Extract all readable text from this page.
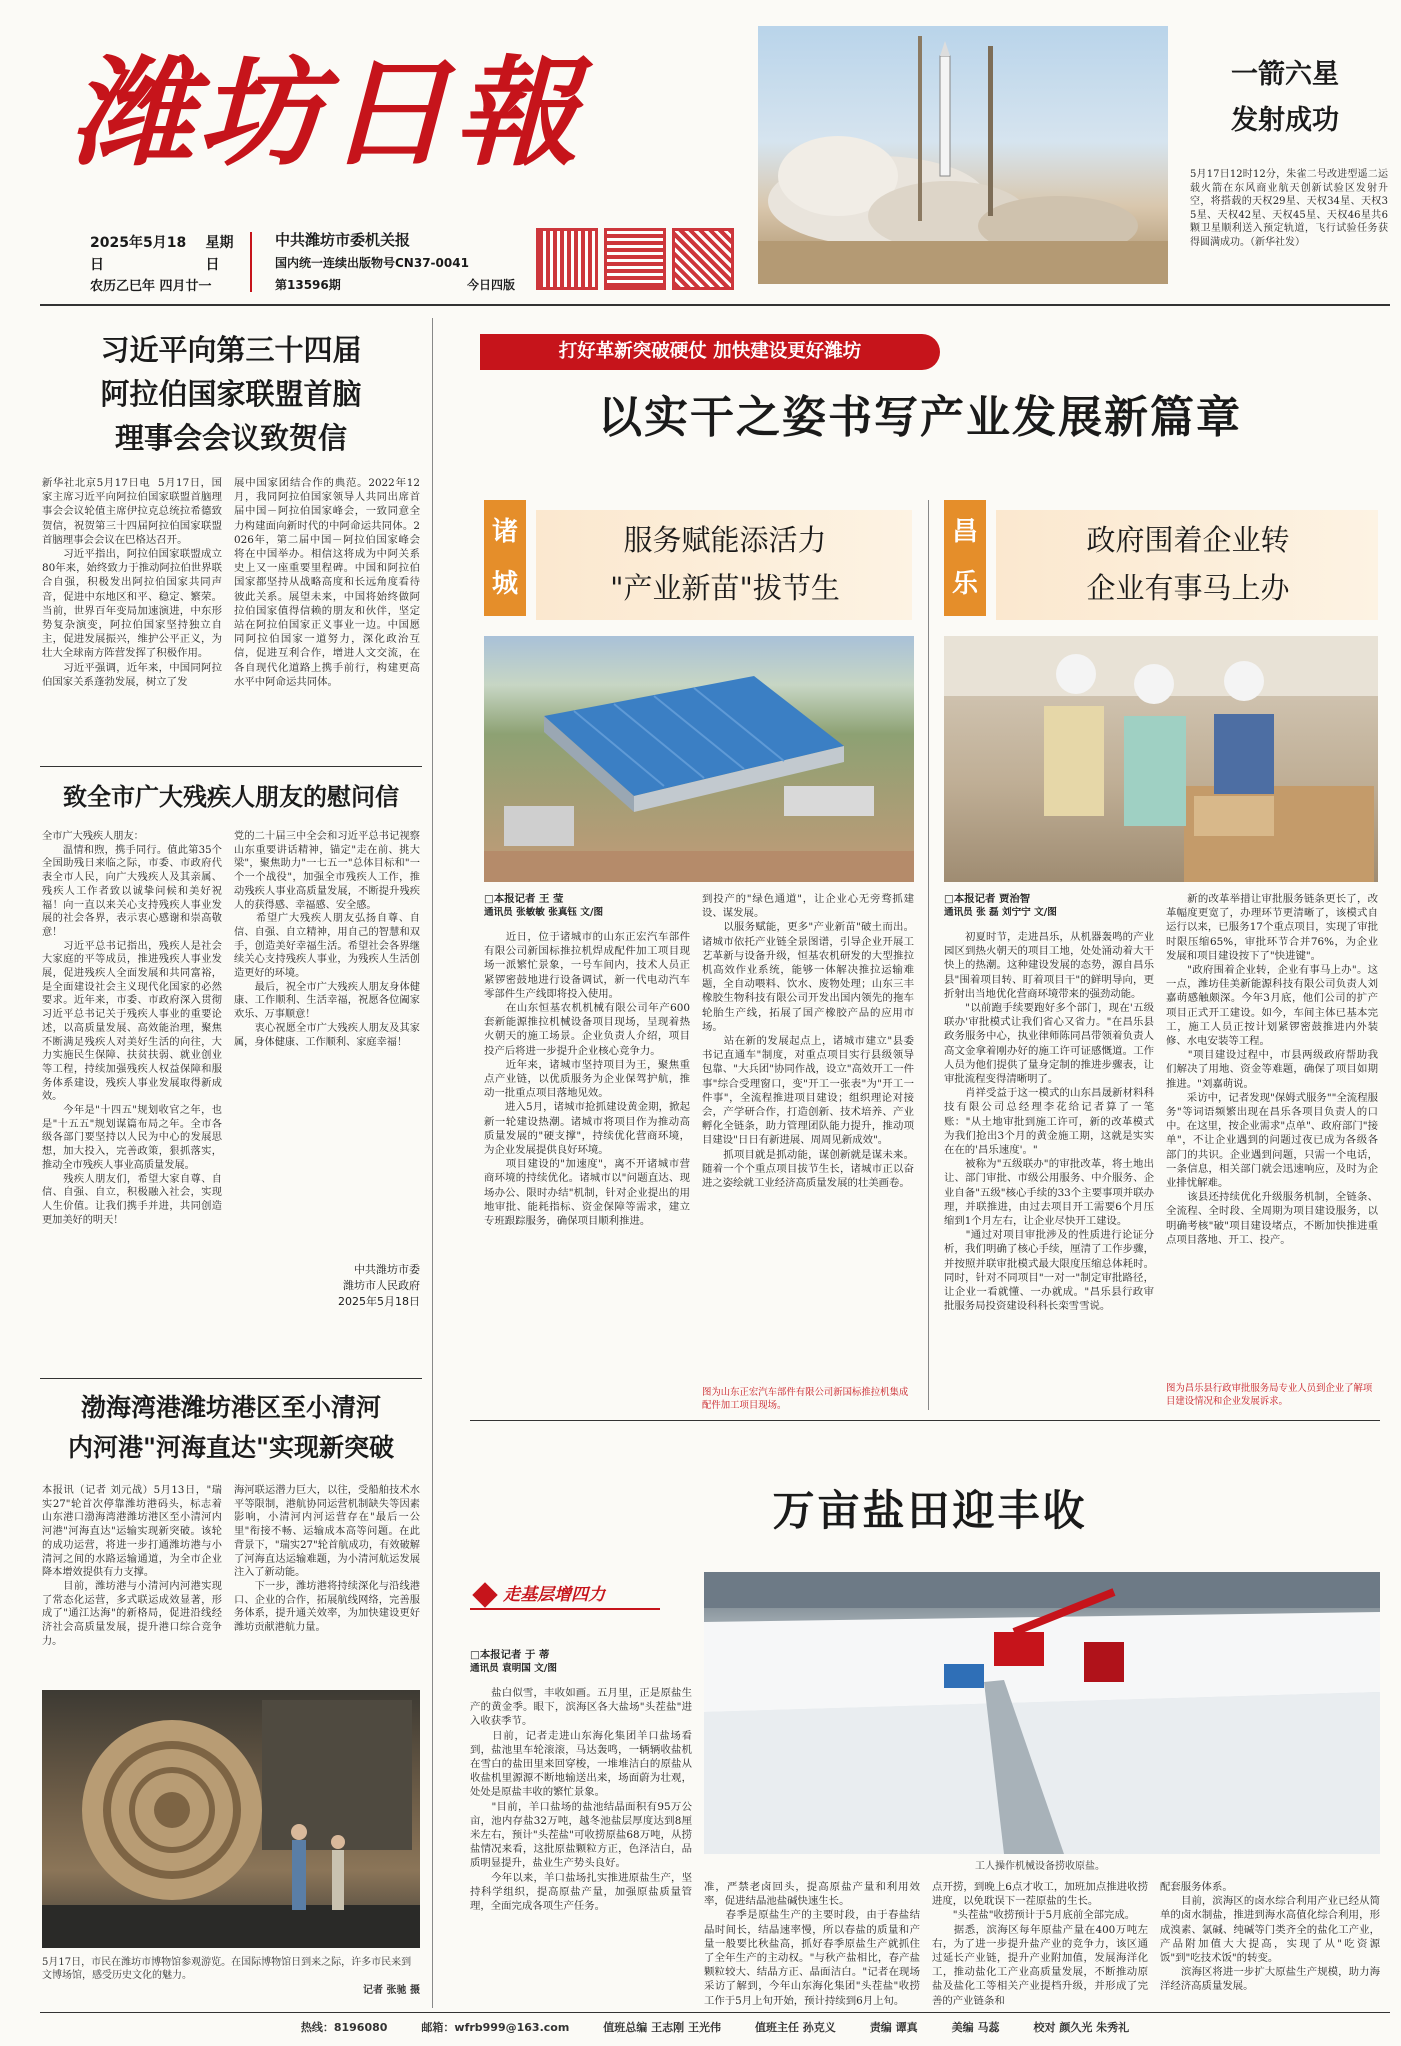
潍坊日報
2025年5月18日
星期日
农历乙巳年 四月廿一
中共潍坊市委机关报
国内统一连续出版物号CN37-0041
第13596期	今日四版
一箭六星
发射成功
5月17日12时12分，朱雀二号改进型遥二运载火箭在东风商业航天创新试验区发射升空，将搭载的天权29星、天权34星、天权35星、天权42星、天权45星、天权46星共6颗卫星顺利送入预定轨道，飞行试验任务获得圆满成功。（新华社发）
习近平向第三十四届
阿拉伯国家联盟首脑
理事会会议致贺信
新华社北京5月17日电  5月17日，国家主席习近平向阿拉伯国家联盟首脑理事会会议轮值主席伊拉克总统拉希德致贺信，祝贺第三十四届阿拉伯国家联盟首脑理事会会议在巴格达召开。
　　习近平指出，阿拉伯国家联盟成立80年来，始终致力于推动阿拉伯世界联合自强，积极发出阿拉伯国家共同声音，促进中东地区和平、稳定、繁荣。当前，世界百年变局加速演进，中东形势复杂演变，阿拉伯国家坚持独立自主，促进发展振兴，维护公平正义，为壮大全球南方阵营发挥了积极作用。
　　习近平强调，近年来，中国同阿拉伯国家关系蓬勃发展，树立了发
展中国家团结合作的典范。2022年12月，我同阿拉伯国家领导人共同出席首届中国－阿拉伯国家峰会，一致同意全力构建面向新时代的中阿命运共同体。2026年，第二届中国－阿拉伯国家峰会将在中国举办。相信这将成为中阿关系史上又一座重要里程碑。中国和阿拉伯国家都坚持从战略高度和长远角度看待彼此关系。展望未来，中国将始终做阿拉伯国家值得信赖的朋友和伙伴，坚定站在阿拉伯国家正义事业一边。中国愿同阿拉伯国家一道努力，深化政治互信，促进互利合作，增进人文交流，在各自现代化道路上携手前行，构建更高水平中阿命运共同体。
致全市广大残疾人朋友的慰问信
全市广大残疾人朋友：
　　温情和煦，携手同行。值此第35个全国助残日来临之际，市委、市政府代表全市人民，向广大残疾人及其亲属、残疾人工作者致以诚挚问候和美好祝福！向一直以来关心支持残疾人事业发展的社会各界，表示衷心感谢和崇高敬意！
　　习近平总书记指出，残疾人是社会大家庭的平等成员，推进残疾人事业发展，促进残疾人全面发展和共同富裕，是全面建设社会主义现代化国家的必然要求。近年来，市委、市政府深入贯彻习近平总书记关于残疾人事业的重要论述，以高质量发展、高效能治理，聚焦不断满足残疾人对美好生活的向往，大力实施民生保障、扶贫扶弱、就业创业等工程，持续加强残疾人权益保障和服务体系建设，残疾人事业发展取得新成效。
　　今年是"十四五"规划收官之年，也是"十五五"规划谋篇布局之年。全市各级各部门要坚持以人民为中心的发展思想，加大投入，完善政策，狠抓落实，推动全市残疾人事业高质量发展。
　　残疾人朋友们，希望大家自尊、自信、自强、自立，积极融入社会，实现人生价值。让我们携手并进，共同创造更加美好的明天！
党的二十届三中全会和习近平总书记视察山东重要讲话精神，锚定"走在前、挑大梁"，聚焦助力"一七五一"总体目标和"一个一个战役"，加强全市残疾人工作，推动残疾人事业高质量发展，不断提升残疾人的获得感、幸福感、安全感。
　　希望广大残疾人朋友弘扬自尊、自信、自强、自立精神，用自己的智慧和双手，创造美好幸福生活。希望社会各界继续关心支持残疾人事业，为残疾人生活创造更好的环境。
　　最后，祝全市广大残疾人朋友身体健康、工作顺利、生活幸福，祝愿各位阖家欢乐、万事顺意！
　　衷心祝愿全市广大残疾人朋友及其家属，身体健康、工作顺利、家庭幸福！
中共潍坊市委
潍坊市人民政府
2025年5月18日
渤海湾港潍坊港区至小清河
内河港"河海直达"实现新突破
本报讯（记者 刘元战）5月13日，"瑞实27"轮首次停靠潍坊港码头，标志着山东港口渤海湾港潍坊港区至小清河内河港"河海直达"运输实现新突破。该轮的成功运营，将进一步打通潍坊港与小清河之间的水路运输通道，为全市企业降本增效提供有力支撑。
　　目前，潍坊港与小清河内河港实现了常态化运营，多式联运成效显著，形成了"通江达海"的新格局，促进沿线经济社会高质量发展，提升港口综合竞争力。
海河联运潜力巨大，以往，受船舶技术水平等限制，港航协同运营机制缺失等因素影响，小清河内河运营存在"最后一公里"衔接不畅、运输成本高等问题。在此背景下，"瑞实27"轮首航成功，有效破解了河海直达运输难题，为小清河航运发展注入了新动能。
　　下一步，潍坊港将持续深化与沿线港口、企业的合作，拓展航线网络，完善服务体系，提升通关效率，为加快建设更好潍坊贡献港航力量。
5月17日，市民在潍坊市博物馆参观游览。在国际博物馆日到来之际，许多市民来到文博场馆，感受历史文化的魅力。
记者 张驰 摄
打好革新突破硬仗 加快建设更好潍坊
以实干之姿书写产业发展新篇章
诸
城
服务赋能添活力
"产业新苗"拔节生
□本报记者 王 莹
通讯员 张敏敏 张真钰 文/图
　　近日，位于诸城市的山东正宏汽车部件有限公司新国标推拉机焊成配件加工项目现场一派繁忙景象，一号车间内，技术人员正紧锣密鼓地进行设备调试，新一代电动汽车零部件生产线即将投入使用。
　　在山东恒基农机机械有限公司年产600套新能源推拉机械设备项目现场，呈现着热火朝天的施工场景。企业负责人介绍，项目投产后将进一步提升企业核心竞争力。
　　近年来，诸城市坚持项目为王，聚焦重点产业链，以优质服务为企业保驾护航，推动一批重点项目落地见效。
　　进入5月，诸城市抢抓建设黄金期，掀起新一轮建设热潮。诸城市将项目作为推动高质量发展的"硬支撑"，持续优化营商环境，为企业发展提供良好环境。
　　项目建设的"加速度"，离不开诸城市营商环境的持续优化。诸城市以"问题直达、现场办公、限时办结"机制，针对企业提出的用地审批、能耗指标、资金保障等需求，建立专班跟踪服务，确保项目顺利推进。
到投产的"绿色通道"，让企业心无旁骛抓建设、谋发展。
　　以服务赋能，更多"产业新苗"破土而出。诸城市依托产业链全景图谱，引导企业开展工艺革新与设备升级，恒基农机研发的大型推拉机高效作业系统，能够一体解决推拉运输难题，全自动喂料、饮水、废物处理；山东三丰橡胶生物科技有限公司开发出国内领先的拖车轮胎生产线，拓展了国产橡胶产品的应用市场。
　　站在新的发展起点上，诸城市建立"县委书记直通车"制度，对重点项目实行县级领导包靠、"大兵团"协同作战，设立"高效开工一件事"综合受理窗口，变"开工一张表"为"开工一件事"，全流程推进项目建设；组织理论对接会，产学研合作，打造创新、技术培养、产业孵化全链条，助力管理团队能力提升，推动项目建设"日日有新进展、周周见新成效"。
　　抓项目就是抓动能，谋创新就是谋未来。随着一个个重点项目拔节生长，诸城市正以奋进之姿绘就工业经济高质量发展的壮美画卷。
图为山东正宏汽车部件有限公司新国标推拉机集成配件加工项目现场。
昌
乐
政府围着企业转
企业有事马上办
□本报记者 贾治智
通讯员 张 磊 刘宁宁 文/图
　　初夏时节，走进昌乐，从机器轰鸣的产业园区到热火朝天的项目工地，处处涌动着大干快上的热潮。这种建设发展的态势，源自昌乐县"围着项目转、盯着项目干"的鲜明导向，更折射出当地优化营商环境带来的强劲动能。
　　"以前跑手续要跑好多个部门，现在'五级联办'审批模式让我们省心又省力。"在昌乐县政务服务中心，执业律师陈同昌带领着负责人高文金拿着刚办好的施工许可证感慨道。工作人员为他们提供了量身定制的推进步骤表，让审批流程变得清晰明了。
　　肖祥受益于这一模式的山东昌晟新材料科技有限公司总经理李花给记者算了一笔账："从土地审批到施工许可，新的改革模式为我们抢出3个月的黄金施工期，这就是实实在在的'昌乐速度'。"
　　被称为"五级联办"的审批改革，将土地出让、部门审批、市级公用服务、中介服务、企业自备"五级"核心手续的33个主要事项并联办理，并联推进，由过去项目开工需要6个月压缩到1个月左右，让企业尽快开工建设。
　　"通过对项目审批涉及的性质进行论证分析，我们明确了核心手续，厘清了工作步骤，并按照并联审批模式最大限度压缩总体耗时。同时，针对不同项目"一对一"制定审批路径，让企业一看就懂、一办就成。"昌乐县行政审批服务局投资建设科科长栾雪雪说。
　　新的改革举措让审批服务链条更长了，改革幅度更宽了，办理环节更清晰了，该模式自运行以来，已服务17个重点项目，实现了审批时限压缩65%，审批环节合并76%，为企业发展和项目建设按下了"快进键"。
　　"政府围着企业转，企业有事马上办"。这一点，潍坊佳美新能源科技有限公司负责人刘嘉萌感触颇深。今年3月底，他们公司的扩产项目正式开工建设。如今，车间主体已基本完工，施工人员正按计划紧锣密鼓推进内外装修、水电安装等工程。
　　"项目建设过程中，市县两级政府帮助我们解决了用地、资金等难题，确保了项目如期推进。"刘嘉萌说。
　　采访中，记者发现"保姆式服务""全流程服务"等词语频繁出现在昌乐各项目负责人的口中。在这里，按企业需求"点单"、政府部门"接单"，不让企业遇到的问题过夜已成为各级各部门的共识。企业遇到问题，只需一个电话，一条信息，相关部门就会迅速响应，及时为企业排忧解难。
　　该县还持续优化升级服务机制，全链条、全流程、全时段、全周期为项目建设服务，以明确考核"破"项目建设堵点，不断加快推进重点项目落地、开工、投产。
图为昌乐县行政审批服务局专业人员到企业了解项目建设情况和企业发展诉求。
万亩盐田迎丰收
走基层增四力
□本报记者 于 蒂
通讯员 袁明国 文/图
工人操作机械设备捞收原盐。
　　盐白似雪，丰收如画。五月里，正是原盐生产的黄金季。眼下，滨海区各大盐场"头茬盐"进入收获季节。
　　日前，记者走进山东海化集团羊口盐场看到，盐池里车轮滚滚，马达轰鸣，一辆辆收盐机在雪白的盐田里来回穿梭，一堆堆洁白的原盐从收盐机里源源不断地输送出来，场面蔚为壮观，处处是原盐丰收的繁忙景象。
　　"目前，羊口盐场的盐池结晶面积有95万公亩，池内存盐32万吨，越冬池盐层厚度达到8厘米左右，预计"头茬盐"可收捞原盐68万吨，从捞盐情况来看，这批原盐颗粒方正，色泽洁白，品质明显提升，盐业生产势头良好。
　　今年以来，羊口盐场扎实推进原盐生产，坚持科学组织，提高原盐产量，加强原盐质量管理，全面完成各项生产任务。
准，严禁老卤回头，提高原盐产量和利用效率，促进结晶池盐碱快速生长。
　　春季是原盐生产的主要时段，由于春盐结晶时间长，结晶速率慢，所以春盐的质量和产量一般要比秋盐高，抓好春季原盐生产就抓住了全年生产的主动权。"与秋产盐相比，春产盐颗粒较大、结晶方正、晶面洁白。"记者在现场采访了解到，今年山东海化集团"头茬盐"收捞工作于5月上旬开始，预计持续到6月上旬。
点开捞，到晚上6点才收工，加班加点推进收捞进度，以免耽误下一茬原盐的生长。
　　"头茬盐"收捞预计于5月底前全部完成。
　　据悉，滨海区每年原盐产量在400万吨左右，为了进一步提升盐产业的竞争力，该区通过延长产业链，提升产业附加值，发展海洋化工，推动盐化工产业高质量发展，不断推动原盐及盐化工等相关产业提档升级，并形成了完善的产业链条和
配套服务体系。
　　目前，滨海区的卤水综合利用产业已经从简单的卤水制盐，推进到海水高值化综合利用，形成溴素、氯碱、纯碱等门类齐全的盐化工产业，产品附加值大大提高，实现了从"吃资源饭"到"吃技术饭"的转变。
　　滨海区将进一步扩大原盐生产规模，助力海洋经济高质量发展。
热线：8196080	邮箱：wfrb999@163.com	值班总编 王志刚 王光伟	值班主任 孙克义	责编 谭真	美编 马蕊	校对 颜久光 朱秀礼
